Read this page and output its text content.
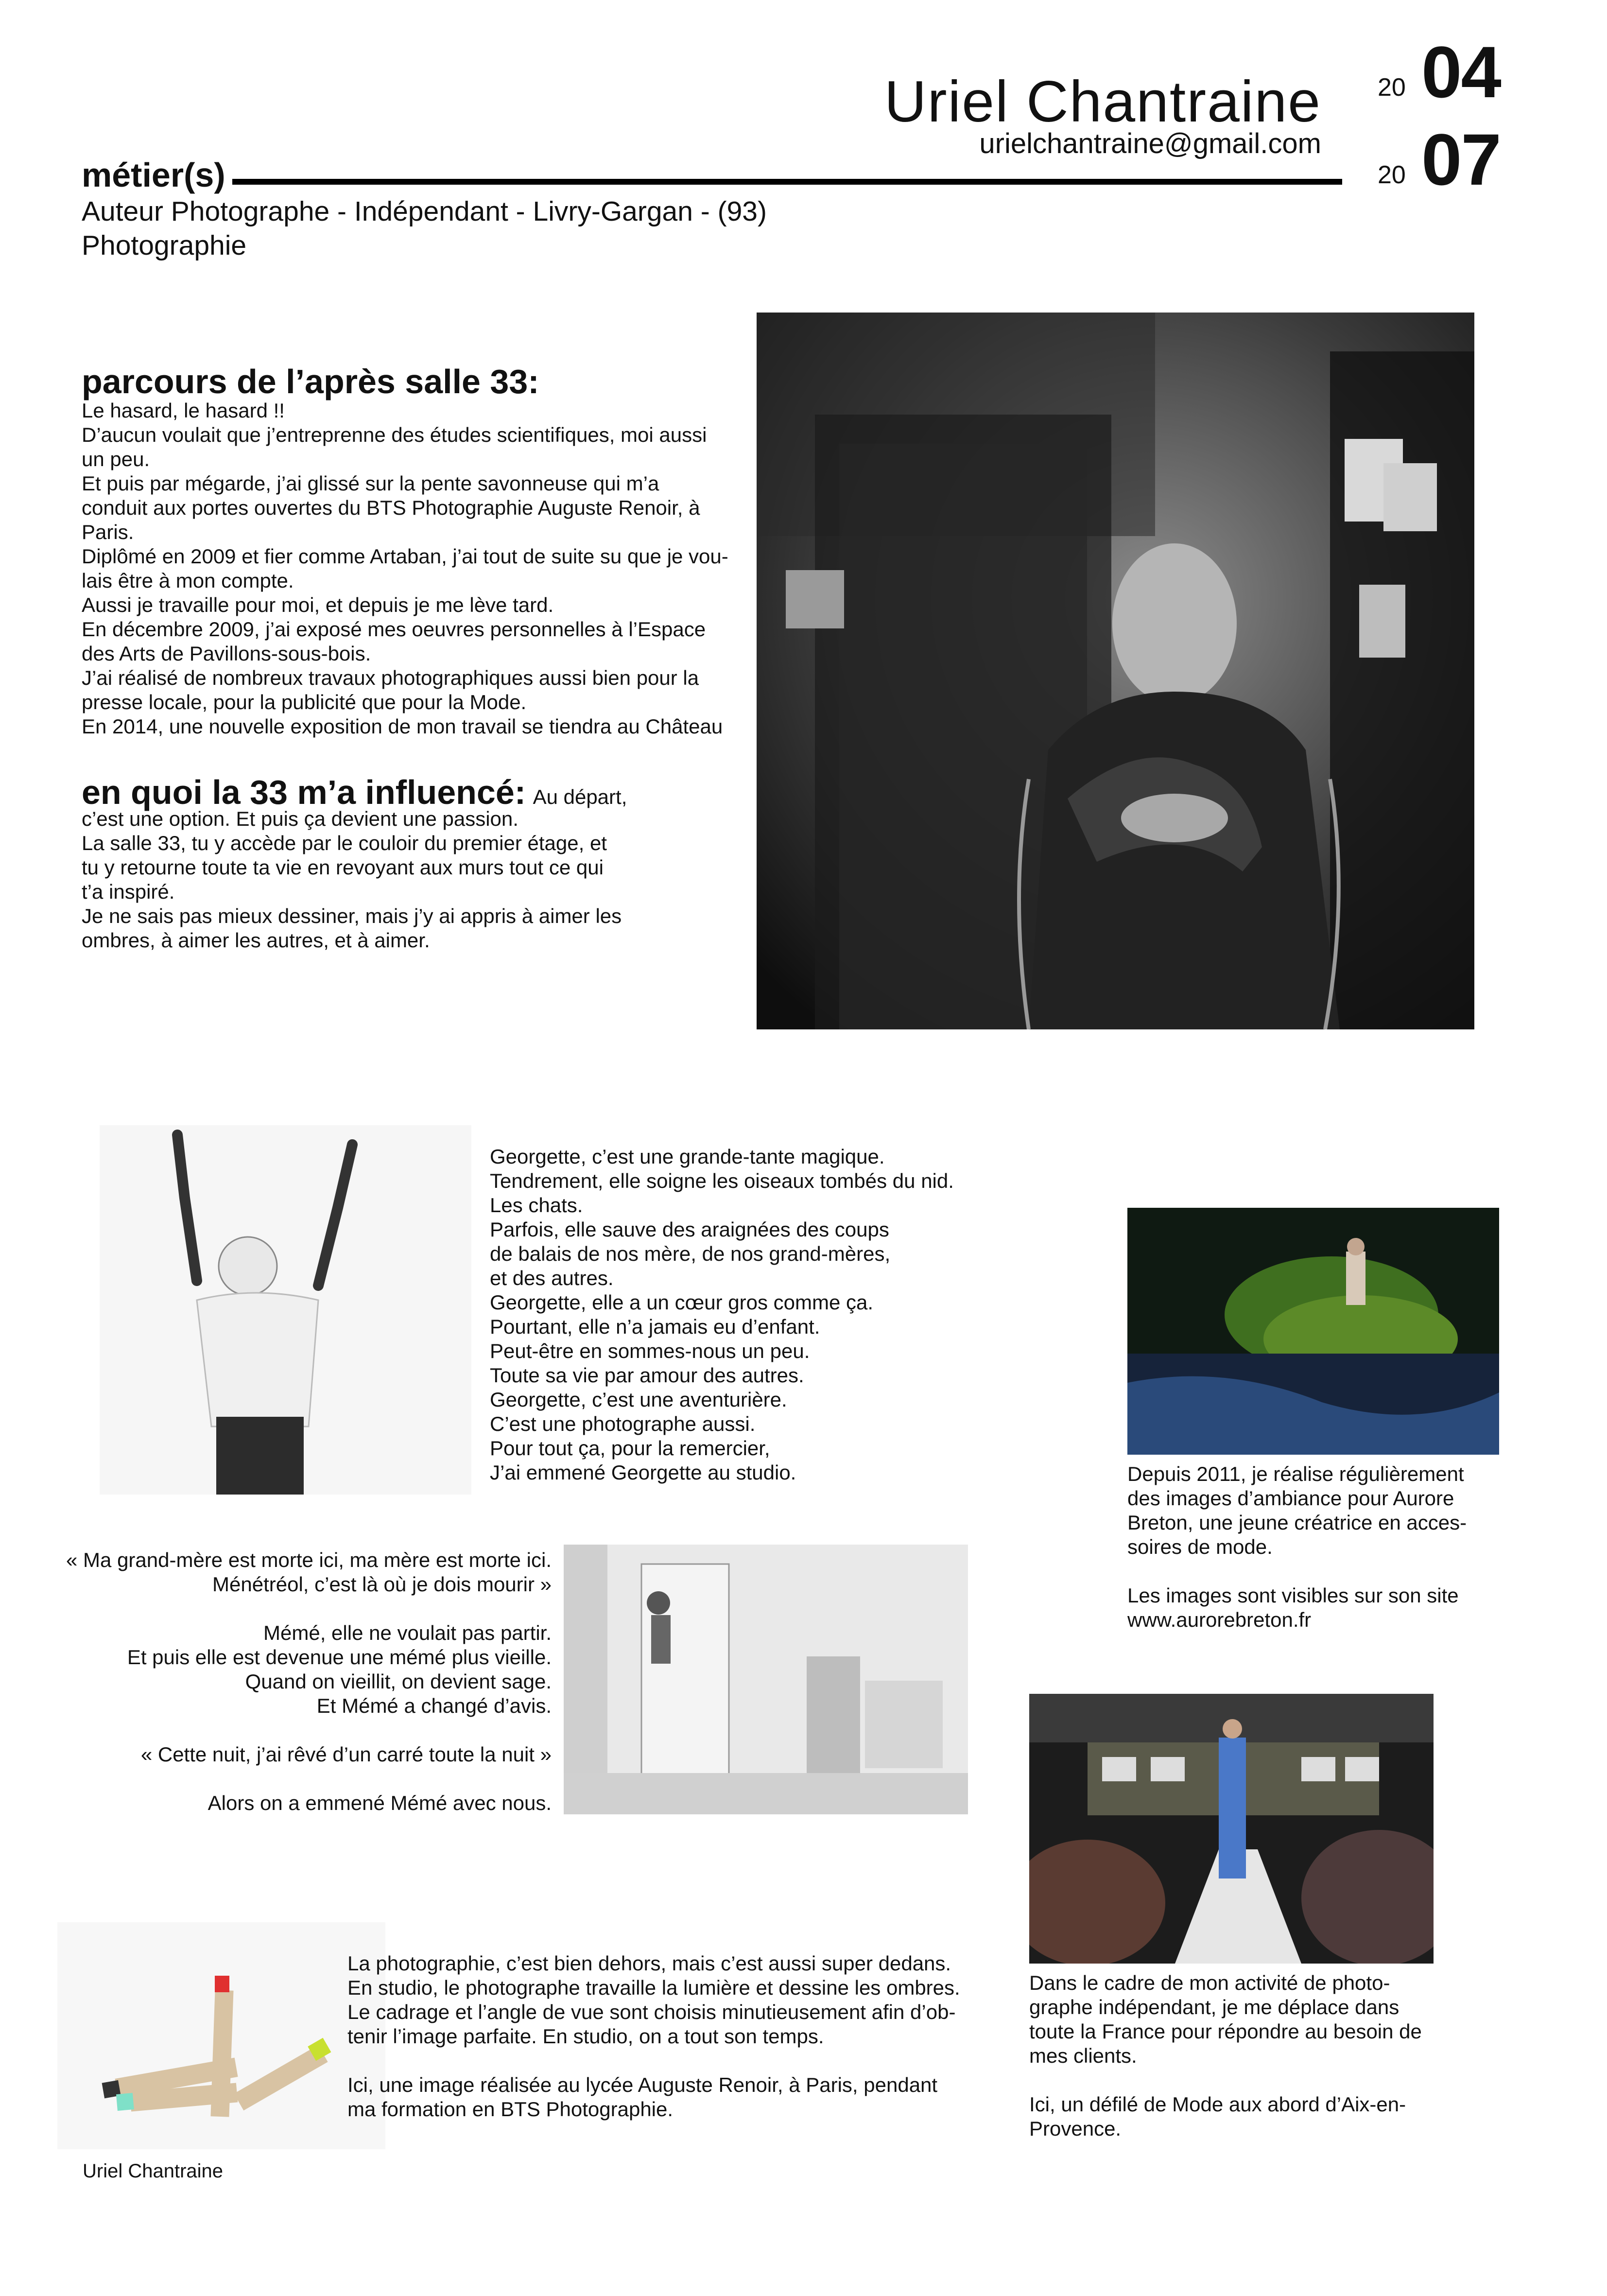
Uriel Chantraine
urielchantraine@gmail.com
20 04
20 07
métier(s)
Auteur Photographe - Indépendant - Livry-Gargan - (93)
Photographie
parcours de l’après salle 33:

Le hasard, le hasard !!

D’aucun voulait que j’entreprenne des études scientifiques, moi aussi

un peu.

Et puis par mégarde, j’ai glissé sur la pente savonneuse qui m’a

conduit aux portes ouvertes du BTS Photographie Auguste Renoir, à

Paris.

Diplômé en 2009 et fier comme Artaban, j’ai tout de suite su que je vou-

lais être à mon compte.

Aussi je travaille pour moi, et depuis je me lève tard.

En décembre 2009, j’ai exposé mes oeuvres personnelles à l’Espace

des Arts de Pavillons-sous-bois.

J’ai réalisé de nombreux travaux photographiques aussi bien pour la

presse locale, pour la publicité que pour la Mode.

En 2014, une nouvelle exposition de mon travail se tiendra au Château

en quoi la 33 m’a influencé: Au départ,

c’est une option. Et puis ça devient une passion.

La salle 33, tu y accède par le couloir du premier étage, et

tu y retourne toute ta vie en revoyant aux murs tout ce qui

t’a inspiré.

Je ne sais pas mieux dessiner, mais j’y ai appris à aimer les

ombres, à aimer les autres, et à aimer.

Georgette, c’est une grande-tante magique.

Tendrement, elle soigne les oiseaux tombés du nid.

Les chats.

Parfois, elle sauve des araignées des coups

de balais de nos mère, de nos grand-mères,

et des autres.

Georgette, elle a un cœur gros comme ça.

Pourtant, elle n’a jamais eu d’enfant.

Peut-être en sommes-nous un peu.

Toute sa vie par amour des autres.

Georgette, c’est une aventurière.

C’est une photographe aussi.

Pour tout ça, pour la remercier,

J’ai emmené Georgette au studio.	Depuis 2011, je réalise régulièrement

des images d’ambiance pour Aurore

Breton, une jeune créatrice en acces-

soires de mode.

Les images sont visibles sur son site

www.aurorebreton.fr

« Ma grand-mère est morte ici, ma mère est morte ici.

Ménétréol, c’est là où je dois mourir »

Mémé, elle ne voulait pas partir.

Et puis elle est devenue une mémé plus vieille.

Quand on vieillit, on devient sage.

Et Mémé a changé d’avis.

« Cette nuit, j’ai rêvé d’un carré toute la nuit »

Alors on a emmené Mémé avec nous.

Dans le cadre de mon activité de photo-

graphe indépendant, je me déplace dans

toute la France pour répondre au besoin de

mes clients.

Ici, un défilé de Mode aux abord d’Aix-en-

Provence.

La photographie, c’est bien dehors, mais c’est aussi super dedans.

En studio, le photographe travaille la lumière et dessine les ombres.

Le cadrage et l’angle de vue sont choisis minutieusement afin d’ob-

tenir l’image parfaite. En studio, on a tout son temps.

Ici, une image réalisée au lycée Auguste Renoir, à Paris, pendant

ma formation en BTS Photographie.

Uriel Chantraine
